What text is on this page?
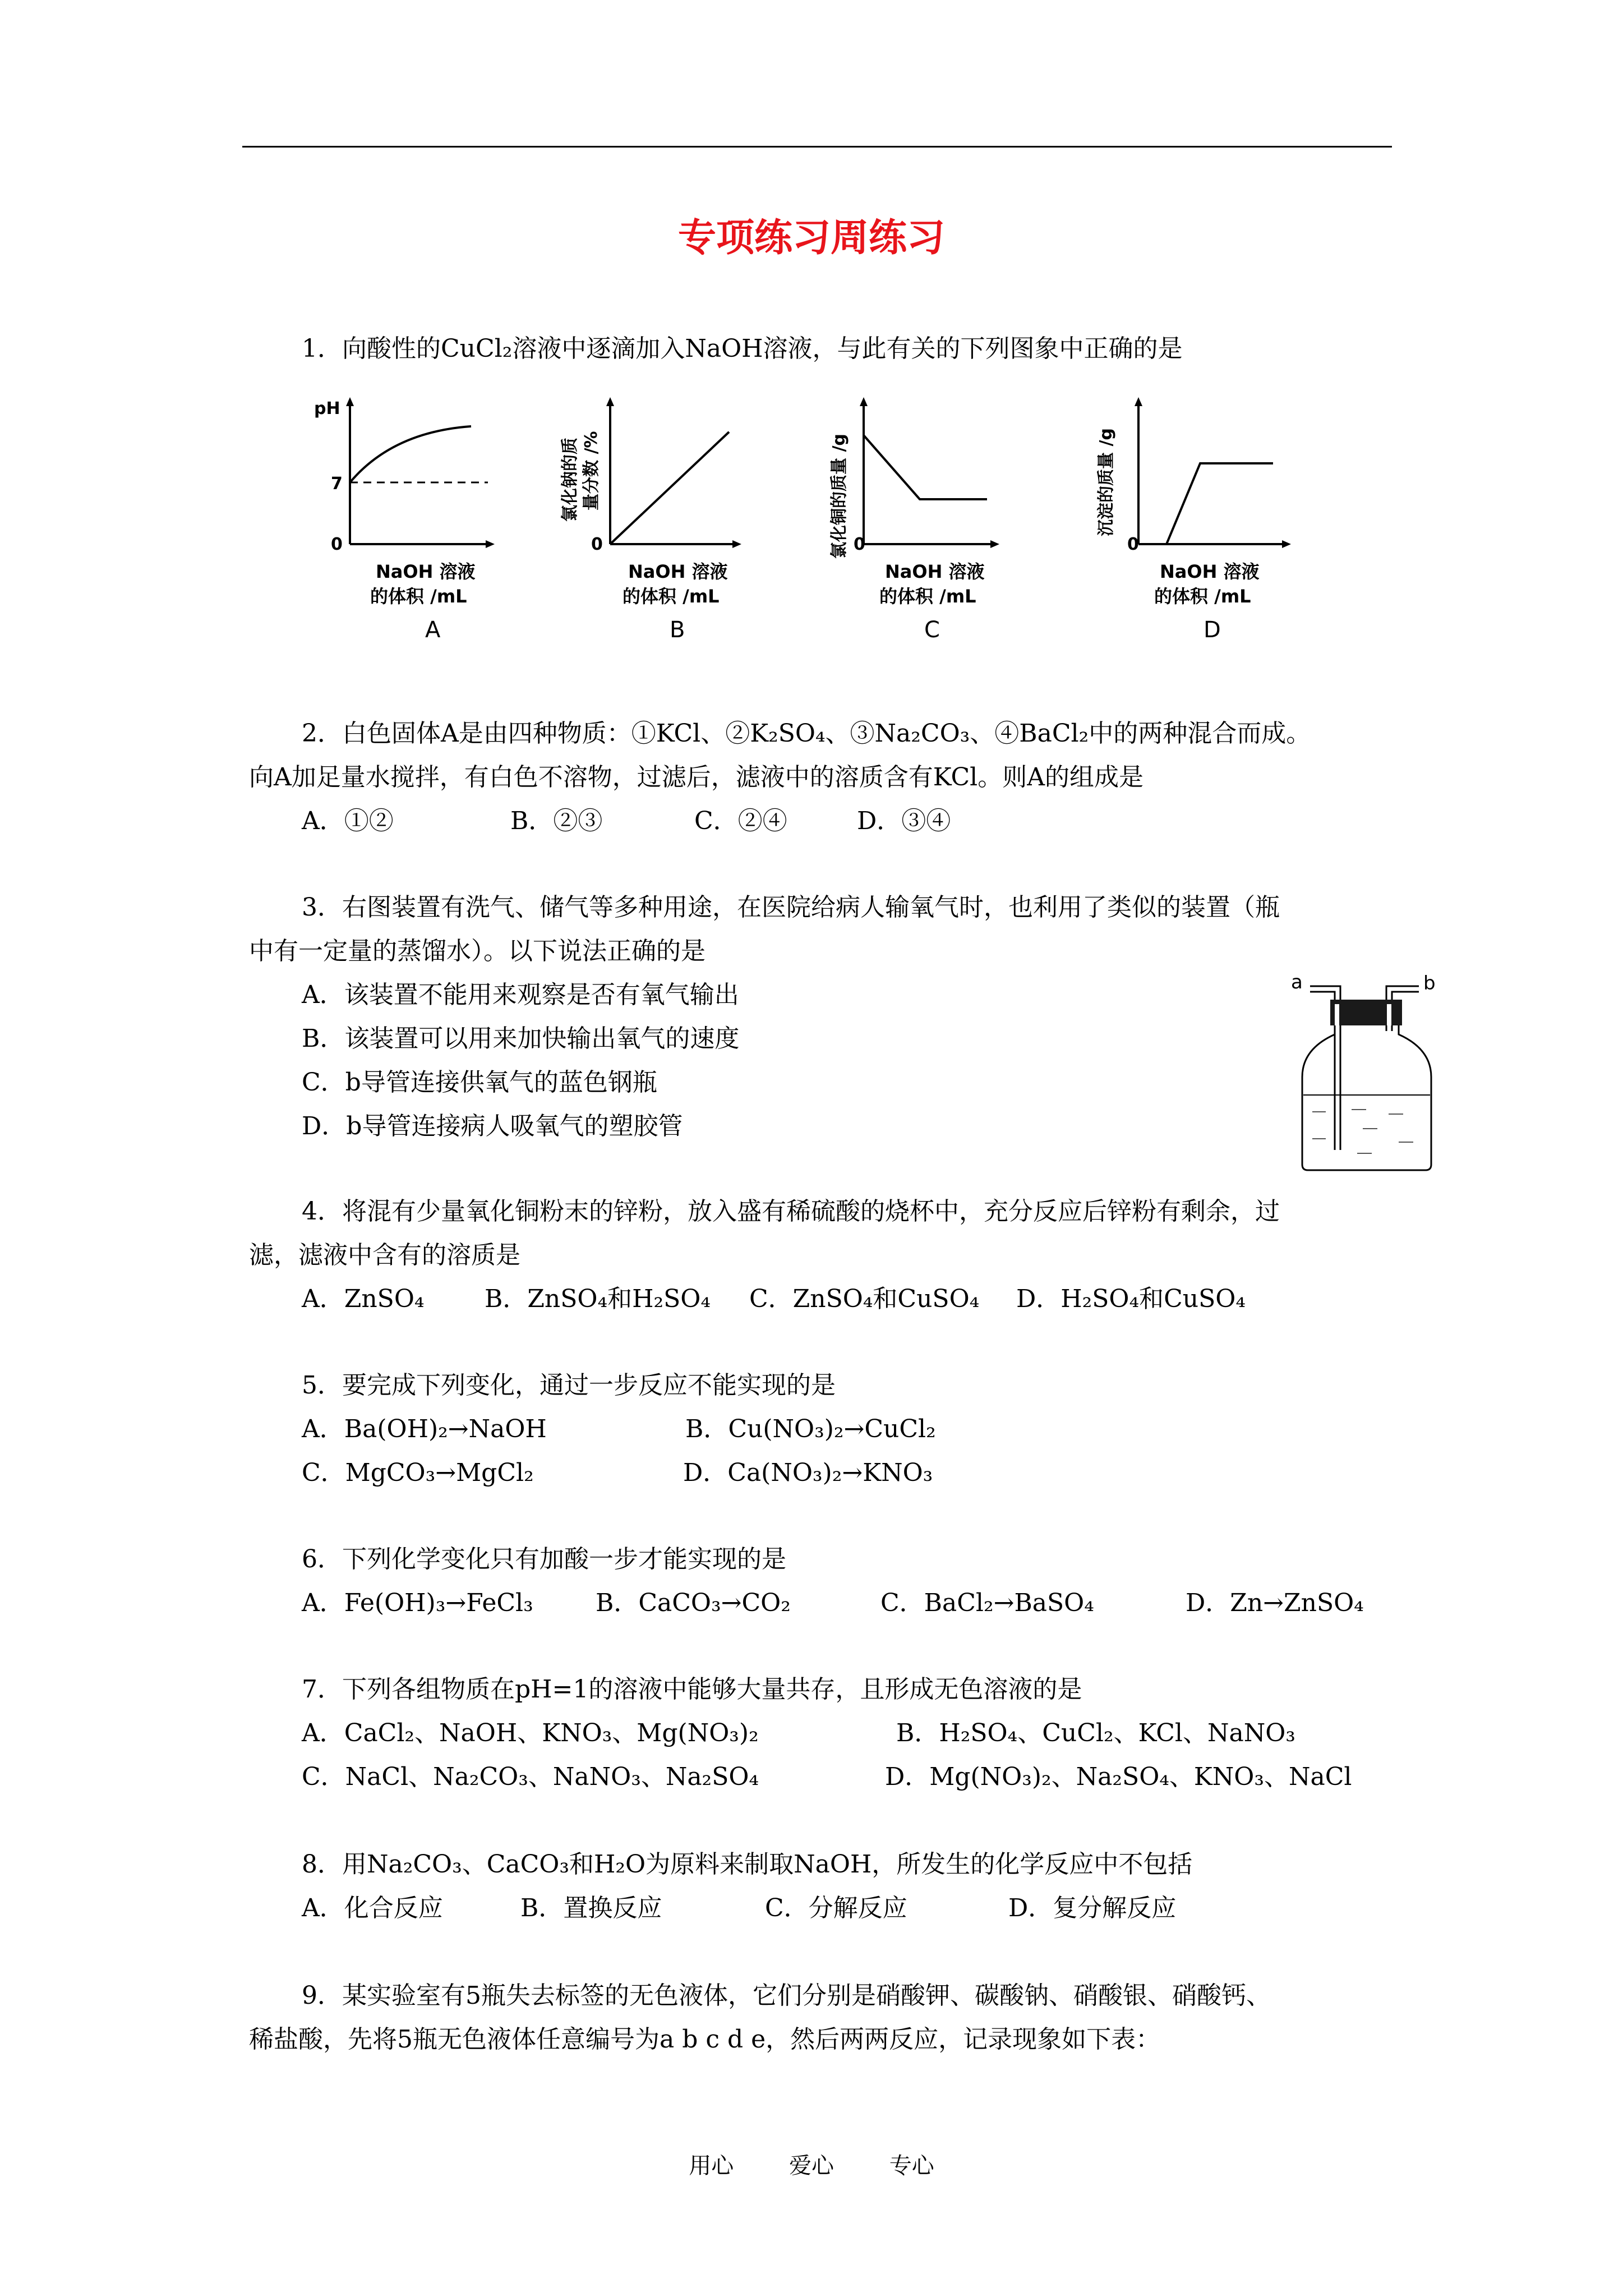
专项练习周练习
1．向酸性的CuCl₂溶液中逐滴加入NaOH溶液，与此有关的下列图象中正确的是
pH
7
0
NaOH 溶液
的体积 /mL
A
氯化钠的质 量分数 /%
0
NaOH 溶液
的体积 /mL
B
氯化铜的质量 /g 0
NaOH 溶液
的体积 /mL
C
沉淀的质量 /g
0
NaOH 溶液
的体积 /mL
D
2．白色固体A是由四种物质：①KCl、②K₂SO₄、③Na₂CO₃、④BaCl₂中的两种混合而成。
向A加足量水搅拌，有白色不溶物，过滤后，滤液中的溶质含有KCl。则A的组成是
A．①②	B．②③	C．②④	D．③④
3．右图装置有洗气、储气等多种用途，在医院给病人输氧气时，也利用了类似的装置（瓶
中有一定量的蒸馏水）。以下说法正确的是
A．该装置不能用来观察是否有氧气输出
B．该装置可以用来加快输出氧气的速度
C．b导管连接供氧气的蓝色钢瓶
D．b导管连接病人吸氧气的塑胶管
a	b
4．将混有少量氧化铜粉末的锌粉，放入盛有稀硫酸的烧杯中，充分反应后锌粉有剩余，过
滤，滤液中含有的溶质是
A．ZnSO₄ B．ZnSO₄和H₂SO₄ C．ZnSO₄和CuSO₄ D．H₂SO₄和CuSO₄
5．要完成下列变化，通过一步反应不能实现的是
A．Ba(OH)₂→NaOH	B．Cu(NO₃)₂→CuCl₂
C．MgCO₃→MgCl₂	D．Ca(NO₃)₂→KNO₃
6．下列化学变化只有加酸一步才能实现的是
A．Fe(OH)₃→FeCl₃	B．CaCO₃→CO₂	C．BaCl₂→BaSO₄	D．Zn→ZnSO₄
7．下列各组物质在pH=1的溶液中能够大量共存，且形成无色溶液的是
A．CaCl₂、NaOH、KNO₃、Mg(NO₃)₂	B．H₂SO₄、CuCl₂、KCl、NaNO₃
C．NaCl、Na₂CO₃、NaNO₃、Na₂SO₄	D．Mg(NO₃)₂、Na₂SO₄、KNO₃、NaCl
8．用Na₂CO₃、CaCO₃和H₂O为原料来制取NaOH，所发生的化学反应中不包括
A．化合反应	B．置换反应	C．分解反应	D．复分解反应
9．某实验室有5瓶失去标签的无色液体，它们分别是硝酸钾、碳酸钠、硝酸银、硝酸钙、
稀盐酸，先将5瓶无色液体任意编号为a b c d e，然后两两反应，记录现象如下表：
用心 爱心 专心
